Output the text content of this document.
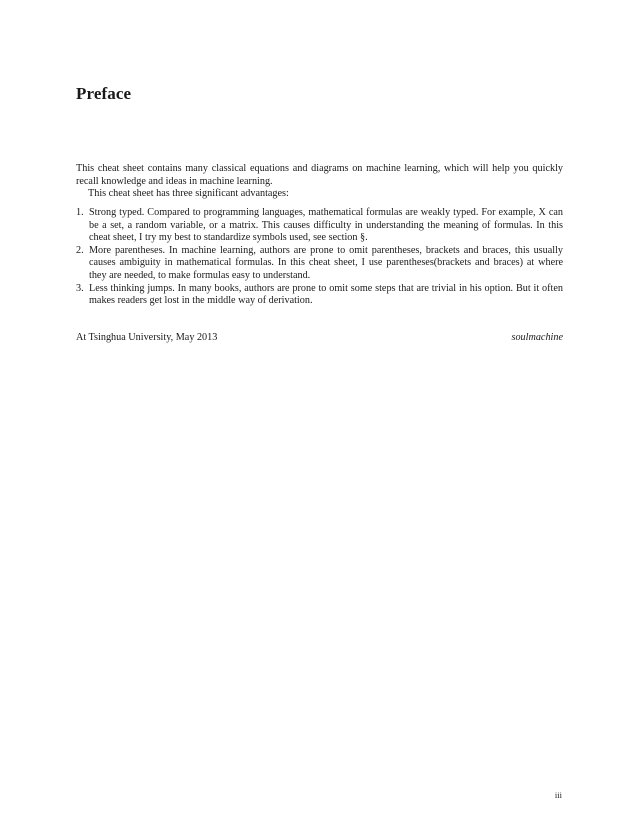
Preface

This cheat sheet contains many classical equations and diagrams on machine learning, which will help you quickly recall knowledge and ideas in machine learning.

This cheat sheet has three significant advantages:

1. Strong typed. Compared to programming languages, mathematical formulas are weakly typed. For example, X can be a set, a random variable, or a matrix. This causes difficulty in understanding the meaning of formulas. In this cheat sheet, I try my best to standardize symbols used, see section §.
2. More parentheses. In machine learning, authors are prone to omit parentheses, brackets and braces, this usually causes ambiguity in mathematical formulas. In this cheat sheet, I use parentheses(brackets and braces) at where they are needed, to make formulas easy to understand.
3. Less thinking jumps. In many books, authors are prone to omit some steps that are trivial in his option. But it often makes readers get lost in the middle way of derivation.
At Tsinghua University, May 2013	soulmachine
iii
